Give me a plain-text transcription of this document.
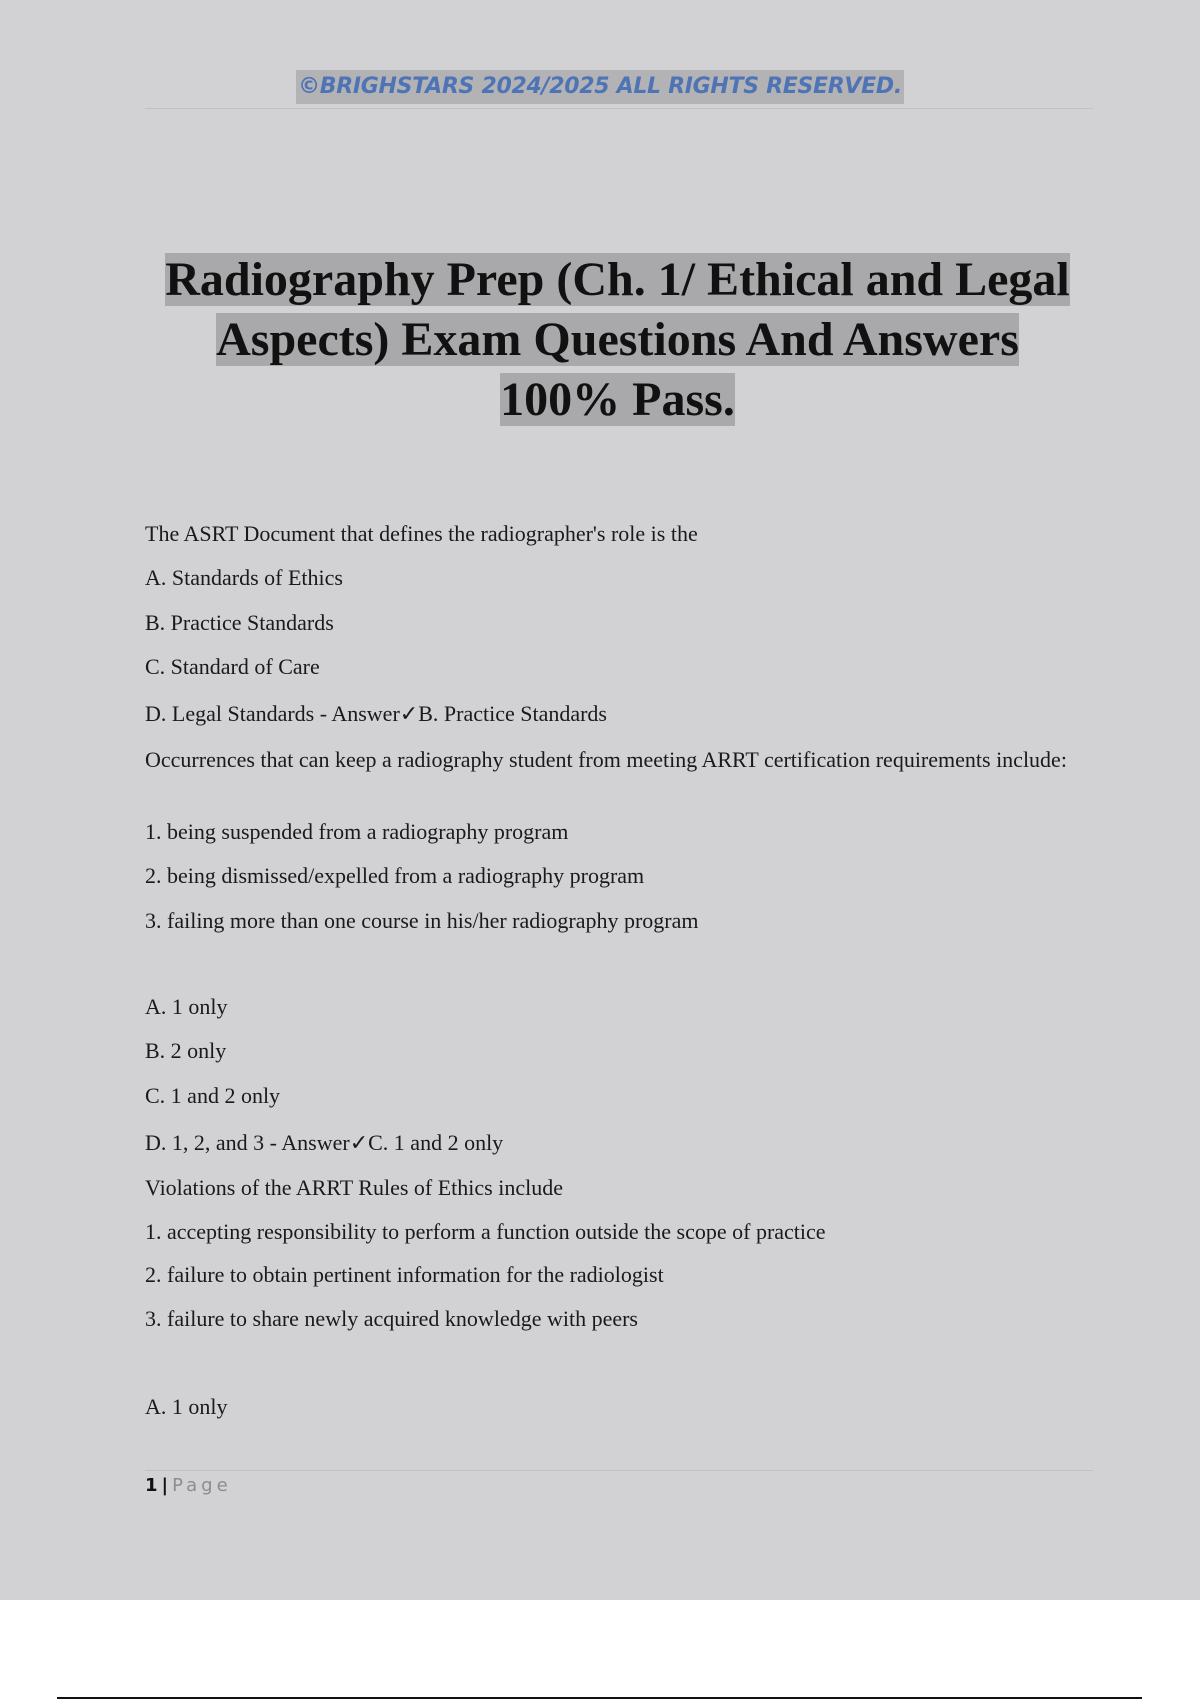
©BRIGHSTARS 2024/2025 ALL RIGHTS RESERVED.
Radiography Prep (Ch. 1/ Ethical and Legal
Aspects) Exam Questions And Answers
100% Pass.
The ASRT Document that defines the radiographer's role is the
A. Standards of Ethics
B. Practice Standards
C. Standard of Care
D. Legal Standards - Answer✓B. Practice Standards
Occurrences that can keep a radiography student from meeting ARRT certification requirements include:
1. being suspended from a radiography program
2. being dismissed/expelled from a radiography program
3. failing more than one course in his/her radiography program
A. 1 only
B. 2 only
C. 1 and 2 only
D. 1, 2, and 3 - Answer✓C. 1 and 2 only
Violations of the ARRT Rules of Ethics include
1. accepting responsibility to perform a function outside the scope of practice
2. failure to obtain pertinent information for the radiologist
3. failure to share newly acquired knowledge with peers
A. 1 only
1 | Page
